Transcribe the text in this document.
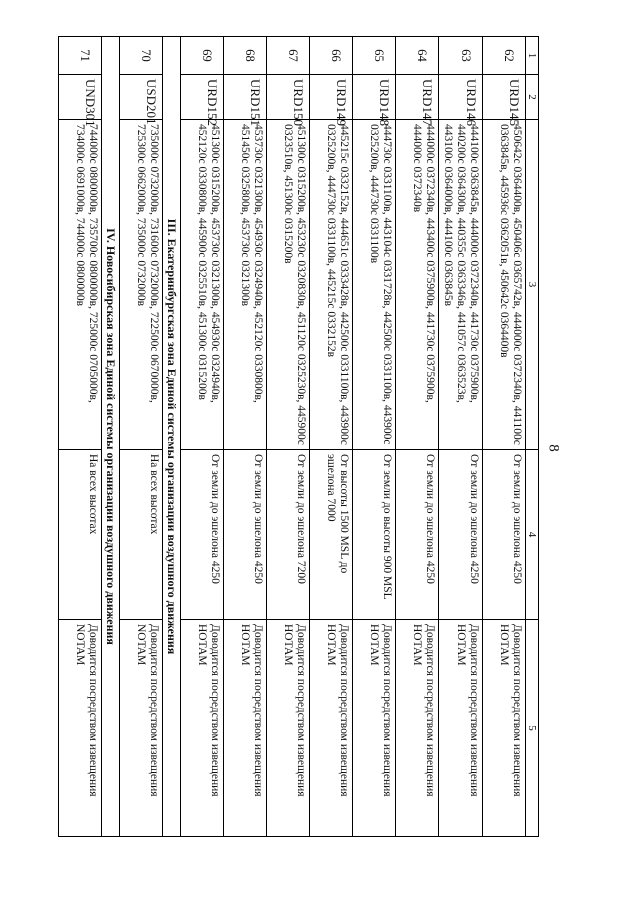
8
1	2	3	4	5
62	URD145	450642с 0364400в, 450406с 0365742в, 444000с 0372340в, 441100с 0363845в, 445936с 0362051в, 450642с 0364400в	От земли до эшелона 4250	Доводится посредством извещения НОТАМ
63	URD146	444100с 0363845в, 444000с 0372340в, 441730с 0375900в, 440200с 0364300в, 440355с 0363346в, 441057с 0363523в, 443100с 0364000в, 444100с 0363845в	От земли до эшелона 4250	Доводится посредством извещения НОТАМ
64	URD147	444000с 0372340в, 443400с 0375900в, 441730с 0375900в, 444000с 0372340в	От земли до эшелона 4250	Доводится посредством извещения НОТАМ
65	URD148	444730с 0331100в, 443104с 0331728в, 442500с 0331100в, 443900с 0325200в, 444730с 0331100в	От земли до высоты 900 MSL	Доводится посредством извещения НОТАМ
66	URD149	445215с 0332152в, 444651с 0333428в, 442500с 0331100в, 443900с 0325200в, 444730с 0331100в, 445215с 0332152в	От высоты 1500 MSL до эшелона 7000	Доводится посредством извещения НОТАМ
67	URD150	451300с 0315200в, 453230с 0320830в, 451120с 0325230в, 445900с 0323510в, 451300с 0315200в	От земли до эшелона 7200	Доводится посредством извещения НОТАМ
68	URD151	453730с 0321300в, 454930с 0324940в, 452120с 0330800в, 451450с 0325800в, 453730с 0321300в	От земли до эшелона 4250	Доводится посредством извещения НОТАМ
69	URD152	451300с 0315200в, 453730с 0321300в, 454930с 0324940в, 452120с 0330800в, 445900с 0325510в, 451300с 0315200в	От земли до эшелона 4250	Доводится посредством извещения НОТАМ
III. Екатеринбургская зона Единой системы организации воздушного движения				
70	USD201	735000с 0732000в, 731600с 0732000в, 722500с 0670000в, 725300с 0662000в, 735000с 0732000в	На всех высотах	Доводится посредством извещения NOTAM
IV. Новосибирская зона Единой системы организации воздушного движения				
71	UND301	744000с 0800000в, 735700с 0800000в, 725000с 0705000в, 734000с 0691000в, 744000с 0800000в	На всех высотах	Доводится посредством извещения NOTAM
